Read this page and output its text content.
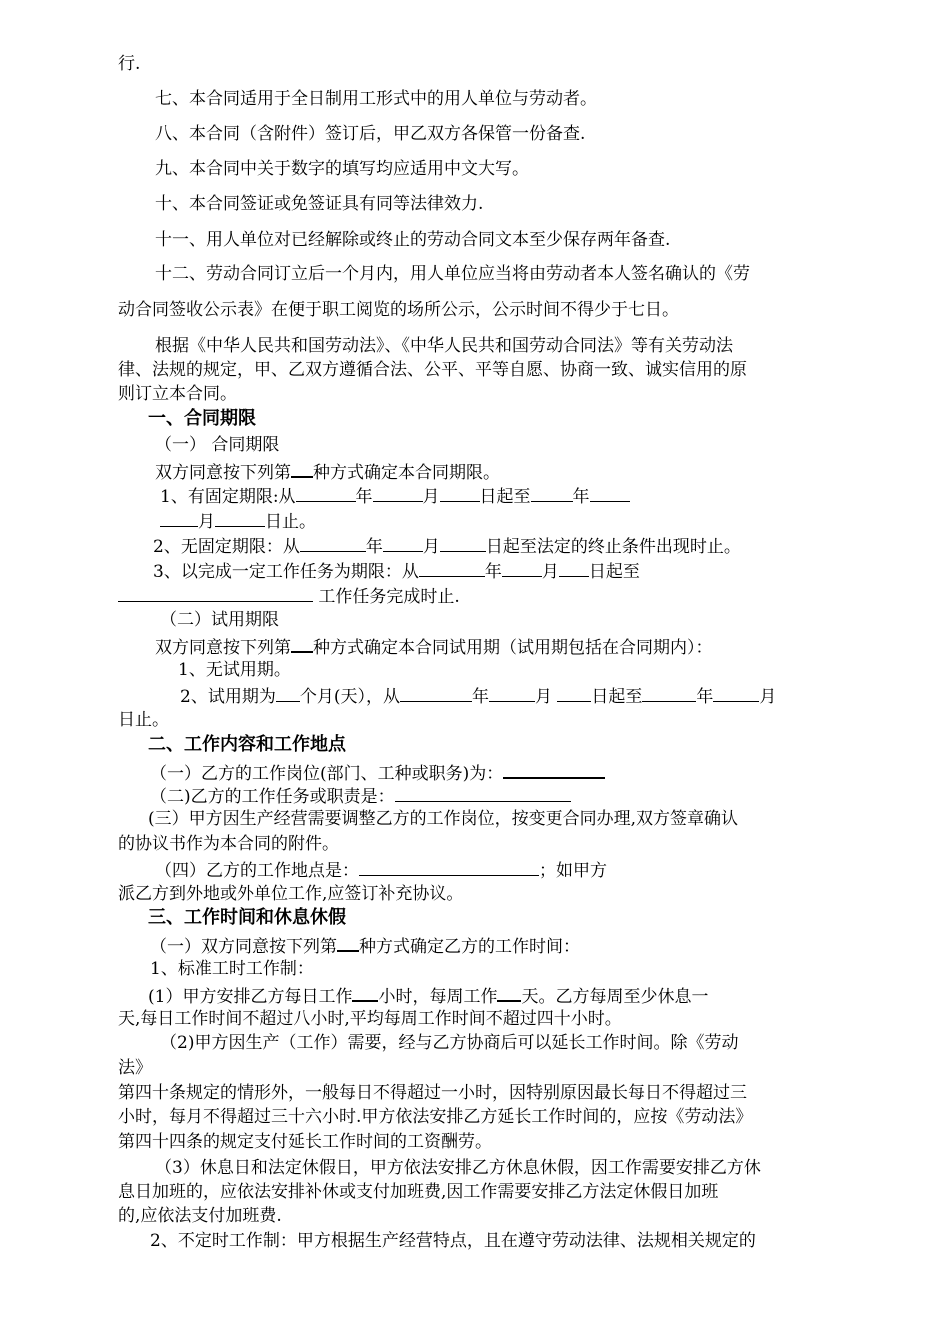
行.
七、本合同适用于全日制用工形式中的用人单位与劳动者。
八、本合同（含附件）签订后，甲乙双方各保管一份备查.
九、本合同中关于数字的填写均应适用中文大写。
十、本合同签证或免签证具有同等法律效力.
十一、用人单位对已经解除或终止的劳动合同文本至少保存两年备查.
十二、劳动合同订立后一个月内，用人单位应当将由劳动者本人签名确认的《劳
动合同签收公示表》在便于职工阅览的场所公示，公示时间不得少于七日。
根据《中华人民共和国劳动法》、《中华人民共和国劳动合同法》等有关劳动法
律、法规的规定，甲、乙双方遵循合法、公平、平等自愿、协商一致、诚实信用的原
则订立本合同。
一、合同期限
（一） 合同期限
双方同意按下列第 种方式确定本合同期限。
1、有固定期限:从	年	月 日起至 年
月	日止。
2、无固定期限：从	年 月	日起至法定的终止条件出现时止。
3、以完成一定工作任务为期限：从	年 月 日起至
工作任务完成时止.
（二）试用期限
双方同意按下列第 种方式确定本合同试用期（试用期包括在合同期内）：
1、无试用期。
2、试用期为 个月(天），从	年	月 日起至	年	月
日止。
二、工作内容和工作地点
（一）乙方的工作岗位(部门、工种或职务)为：
（二)乙方的工作任务或职责是：
(三）甲方因生产经营需要调整乙方的工作岗位，按变更合同办理,双方签章确认
的协议书作为本合同的附件。
（四）乙方的工作地点是：	；如甲方
派乙方到外地或外单位工作,应签订补充协议。
三、工作时间和休息休假
（一）双方同意按下列第 种方式确定乙方的工作时间：
1、标准工时工作制：
(1）甲方安排乙方每日工作 小时，每周工作 天。乙方每周至少休息一
天,每日工作时间不超过八小时,平均每周工作时间不超过四十小时。
（2)甲方因生产（工作）需要，经与乙方协商后可以延长工作时间。除《劳动
法》
第四十条规定的情形外，一般每日不得超过一小时，因特别原因最长每日不得超过三
小时，每月不得超过三十六小时.甲方依法安排乙方延长工作时间的，应按《劳动法》
第四十四条的规定支付延长工作时间的工资酬劳。
（3）休息日和法定休假日，甲方依法安排乙方休息休假，因工作需要安排乙方休
息日加班的，应依法安排补休或支付加班费,因工作需要安排乙方法定休假日加班
的,应依法支付加班费.
2、不定时工作制：甲方根据生产经营特点，且在遵守劳动法律、法规相关规定的
